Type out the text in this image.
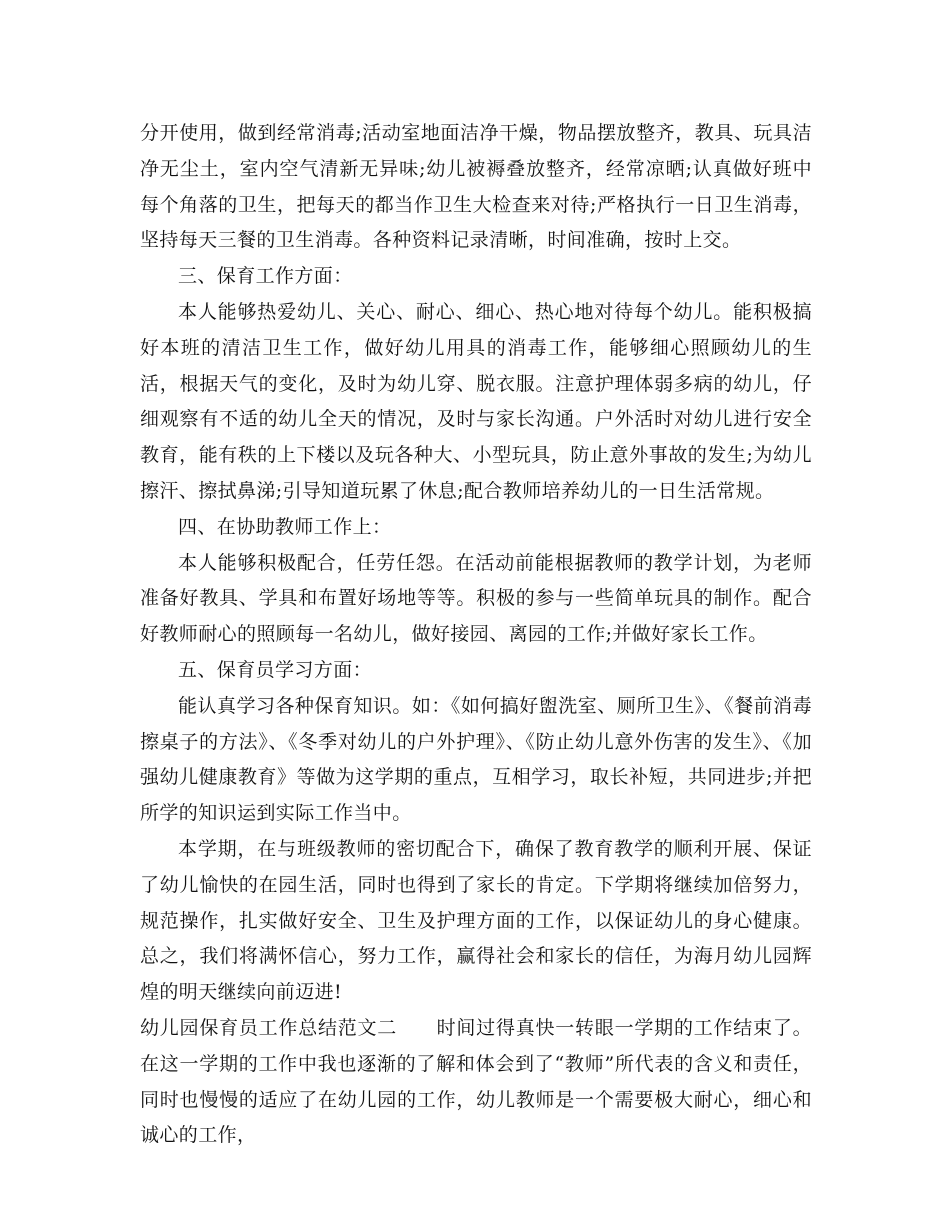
分开使用，做到经常消毒;活动室地面洁净干燥，物品摆放整齐，教具、玩具洁净无尘土，室内空气清新无异味;幼儿被褥叠放整齐，经常凉晒;认真做好班中每个角落的卫生，把每天的都当作卫生大检查来对待;严格执行一日卫生消毒，坚持每天三餐的卫生消毒。各种资料记录清晰，时间准确，按时上交。

三、保育工作方面：

本人能够热爱幼儿、关心、耐心、细心、热心地对待每个幼儿。能积极搞好本班的清洁卫生工作，做好幼儿用具的消毒工作，能够细心照顾幼儿的生活，根据天气的变化，及时为幼儿穿、脱衣服。注意护理体弱多病的幼儿，仔细观察有不适的幼儿全天的情况，及时与家长沟通。户外活时对幼儿进行安全教育，能有秩的上下楼以及玩各种大、小型玩具，防止意外事故的发生;为幼儿擦汗、擦拭鼻涕;引导知道玩累了休息;配合教师培养幼儿的一日生活常规。

四、在协助教师工作上：

本人能够积极配合，任劳任怨。在活动前能根据教师的教学计划，为老师准备好教具、学具和布置好场地等等。积极的参与一些简单玩具的制作。配合好教师耐心的照顾每一名幼儿，做好接园、离园的工作;并做好家长工作。

五、保育员学习方面：

能认真学习各种保育知识。如：《如何搞好盥洗室、厕所卫生》、《餐前消毒擦桌子的方法》、《冬季对幼儿的户外护理》、《防止幼儿意外伤害的发生》、《加强幼儿健康教育》等做为这学期的重点，互相学习，取长补短，共同进步;并把所学的知识运到实际工作当中。

本学期，在与班级教师的密切配合下，确保了教育教学的顺利开展、保证了幼儿愉快的在园生活，同时也得到了家长的肯定。下学期将继续加倍努力，规范操作，扎实做好安全、卫生及护理方面的工作，以保证幼儿的身心健康。总之，我们将满怀信心，努力工作，赢得社会和家长的信任，为海月幼儿园辉煌的明天继续向前迈进!

幼儿园保育员工作总结范文二　　时间过得真快一转眼一学期的工作结束了。在这一学期的工作中我也逐渐的了解和体会到了“教师”所代表的含义和责任，同时也慢慢的适应了在幼儿园的工作，幼儿教师是一个需要极大耐心，细心和诚心的工作，
